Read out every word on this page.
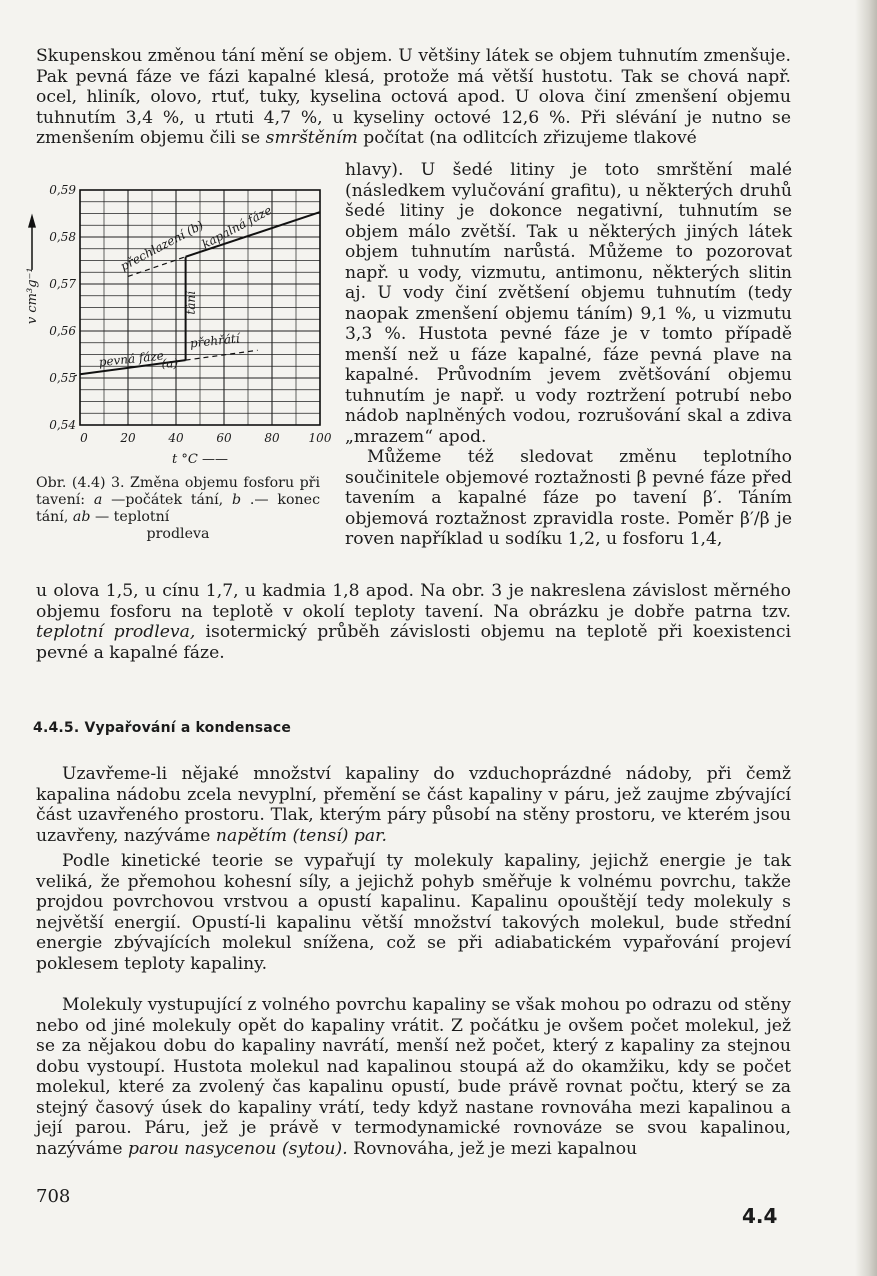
Skupenskou změnou tání mění se objem. U většiny látek se objem tuhnutím zmenšuje. Pak pevná fáze ve fázi kapalné klesá, protože má větší hustotu. Tak se chová např. ocel, hliník, olovo, rtuť, tuky, kyselina octová apod. U olova činí zmenšení objemu tuhnutím 3,4 %, u rtuti 4,7 %, u kyseliny octové 12,6 %. Při slévání je nutno se zmenšením objemu čili se smrštěním počítat (na odlitcích zřizujeme tlakové

0,54
0,55
0,56
0,57
0,58
0,59
0	20	40	60	80 100
t °C ——
v cm³g⁻¹
pevná fáze
(a)
tání
přehřátí
přechlazení (b)
kapalná fáze
Obr. (4.4) 3. Změna objemu fosforu při tavení: a —počátek tání, b .— konec tání, ab — teplotní
prodleva

hlavy). U šedé litiny je toto smrštění malé (následkem vylučování grafitu), u některých druhů šedé litiny je dokonce negativní, tuhnutím se objem málo zvětší. Tak u některých jiných látek objem tuhnutím narůstá. Můžeme to pozorovat např. u vody, vizmutu, antimonu, některých slitin aj. U vody činí zvětšení objemu tuhnutím (tedy naopak zmenšení objemu táním) 9,1 %, u vizmutu 3,3 %. Hustota pevné fáze je v tomto případě menší než u fáze kapalné, fáze pevná plave na kapalné. Průvodním jevem zvětšování objemu tuhnutím je např. u vody roztržení potrubí nebo nádob naplněných vodou, rozrušování skal a zdiva „mrazem“ apod.

Můžeme též sledovat změnu teplotního součinitele objemové roztažnosti β pevné fáze před tavením a kapalné fáze po tavení β′. Táním objemová roztažnost zpravidla roste. Poměr β′/β je roven například u sodíku 1,2, u fosforu 1,4,

u olova 1,5, u cínu 1,7, u kadmia 1,8 apod. Na obr. 3 je nakreslena závislost měrného objemu fosforu na teplotě v okolí teploty tavení. Na obrázku je dobře patrna tzv. teplotní prodleva, isotermický průběh závislosti objemu na teplotě při koexistenci pevné a kapalné fáze.

4.4.5. Vypařování a kondensace

Uzavřeme-li nějaké množství kapaliny do vzduchoprázdné nádoby, při čemž kapalina nádobu zcela nevyplní, přemění se část kapaliny v páru, jež zaujme zbývající část uzavřeného prostoru. Tlak, kterým páry působí na stěny prostoru, ve kterém jsou uzavřeny, nazýváme napětím (tensí) par.

Podle kinetické teorie se vypařují ty molekuly kapaliny, jejichž energie je tak veliká, že přemohou kohesní síly, a jejichž pohyb směřuje k volnému povrchu, takže projdou povrchovou vrstvou a opustí kapalinu. Kapalinu opouštějí tedy molekuly s největší energií. Opustí-li kapalinu větší množství takových molekul, bude střední energie zbývajících molekul snížena, což se při adiabatickém vypařování projeví poklesem teploty kapaliny.

Molekuly vystupující z volného povrchu kapaliny se však mohou po odrazu od stěny nebo od jiné molekuly opět do kapaliny vrátit. Z počátku je ovšem počet molekul, jež se za nějakou dobu do kapaliny navrátí, menší než počet, který z kapaliny za stejnou dobu vystoupí. Hustota molekul nad kapalinou stoupá až do okamžiku, kdy se počet molekul, které za zvolený čas kapalinu opustí, bude právě rovnat počtu, který se za stejný časový úsek do kapaliny vrátí, tedy když nastane rovnováha mezi kapalinou a její parou. Páru, jež je právě v termodynamické rovnováze se svou kapalinou, nazýváme parou nasycenou (sytou). Rovnováha, jež je mezi kapalnou

708
4.4
